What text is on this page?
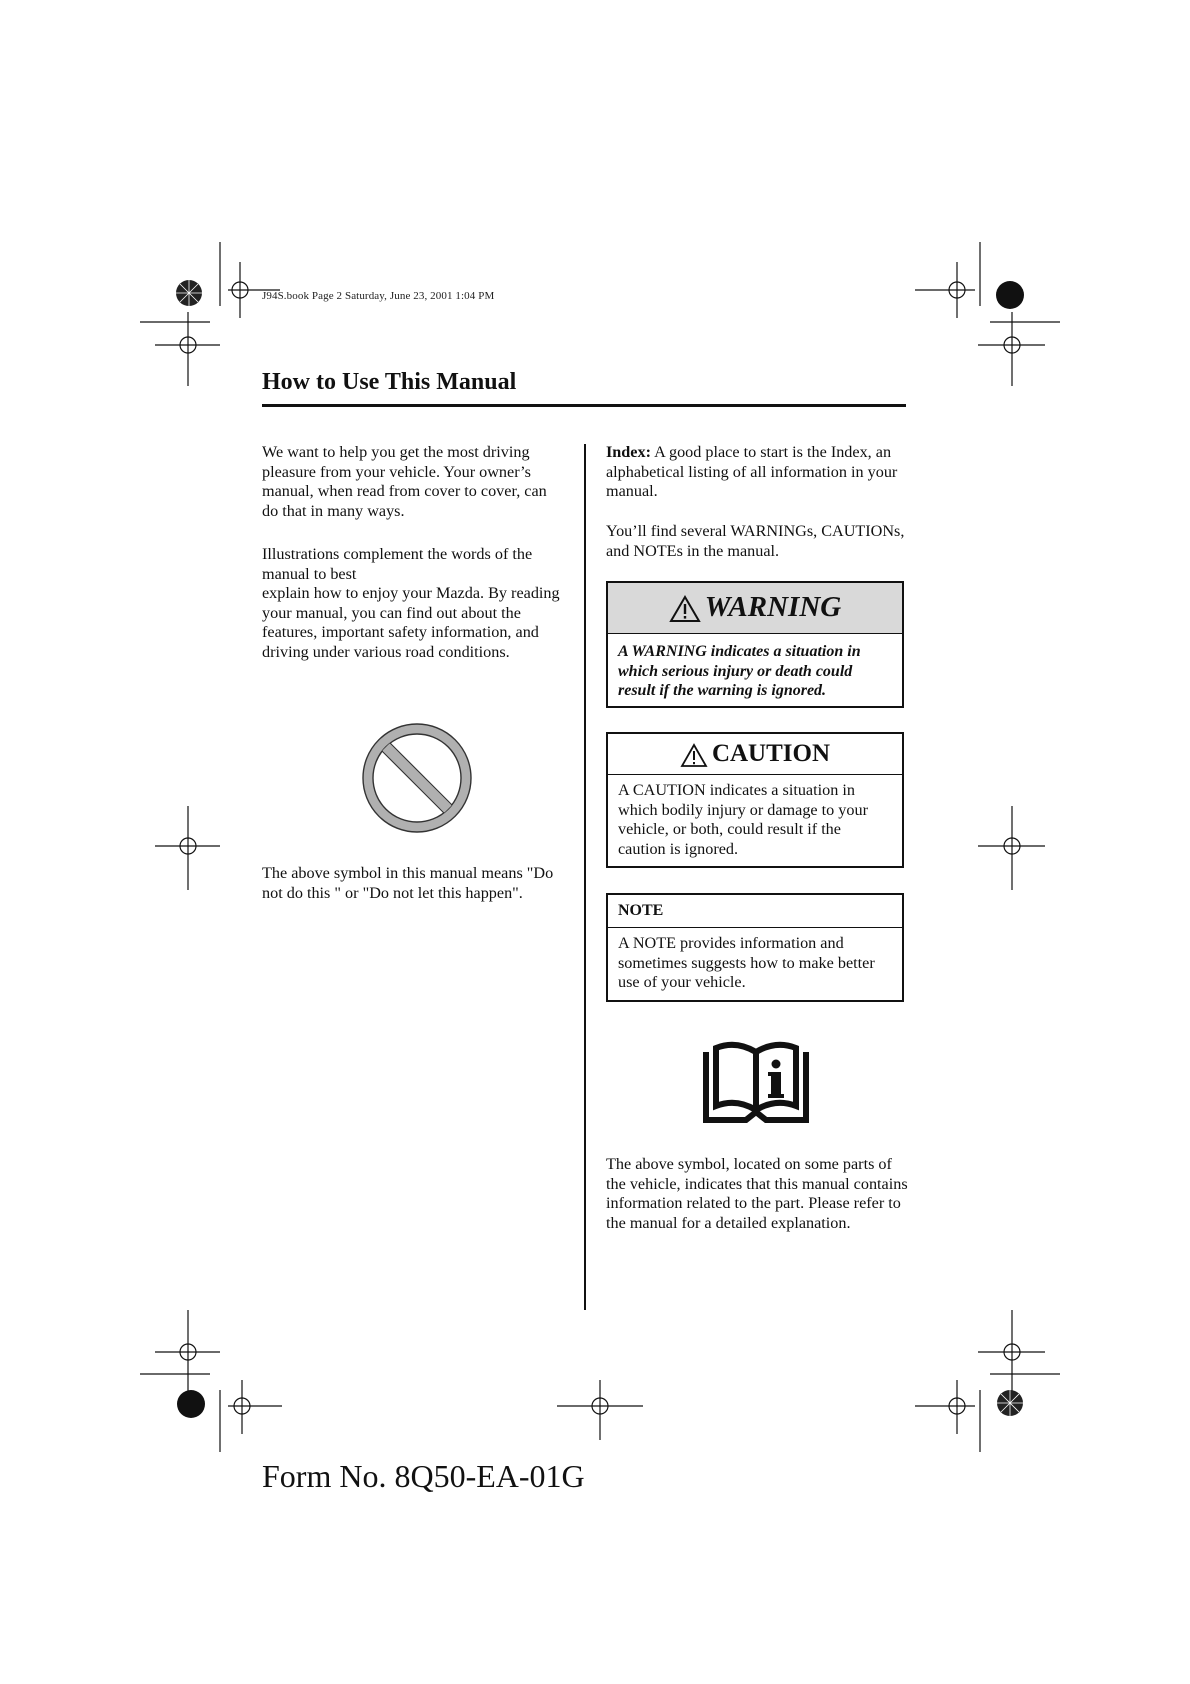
J94S.book Page 2 Saturday, June 23, 2001 1:04 PM
How to Use This Manual
We want to help you get the most driving pleasure from your vehicle. Your owner’s manual, when read from cover to cover, can do that in many ways.
Illustrations complement the words of the manual to best
explain how to enjoy your Mazda. By reading your manual, you can find out about the features, important safety information, and driving under various road conditions.
The above symbol in this manual means "Do not do this " or "Do not let this happen".
Index: A good place to start is the Index, an alphabetical listing of all information in your manual.
You’ll find several WARNINGs, CAUTIONs, and NOTEs in the manual.
WARNING
A WARNING indicates a situation in which serious injury or death could result if the warning is ignored.
CAUTION
A CAUTION indicates a situation in which bodily injury or damage to your vehicle, or both, could result if the caution is ignored.
NOTE
A NOTE provides information and sometimes suggests how to make better use of your vehicle.
The above symbol, located on some parts of the vehicle, indicates that this manual contains information related to the part. Please refer to the manual for a detailed explanation.
Form No. 8Q50-EA-01G
